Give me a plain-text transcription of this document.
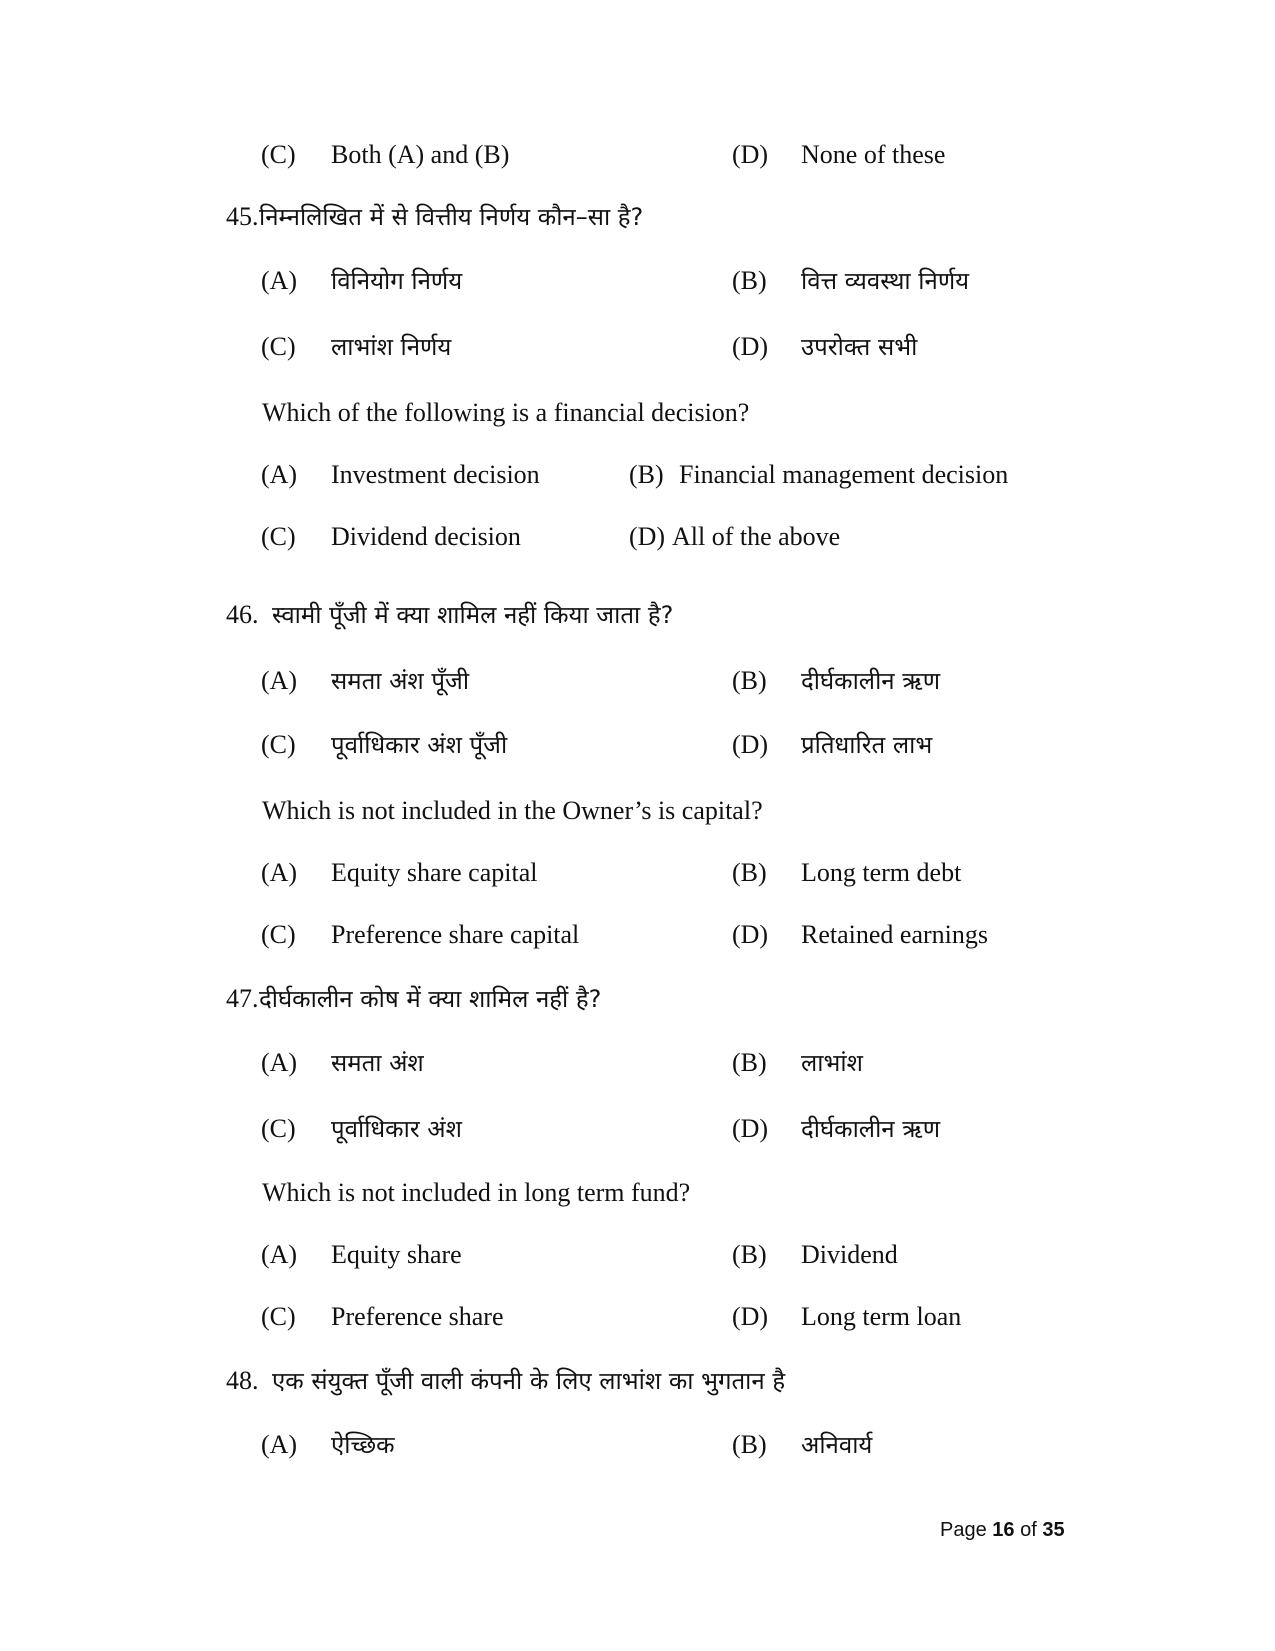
(C) Both (A) and (B)	(D) None of these
45. निम्नलिखित में से वित्तीय निर्णय कौन–सा है?
(A) विनियोग निर्णय	(B) वित्त व्यवस्था निर्णय
(C) लाभांश निर्णय	(D) उपरोक्त सभी
Which of the following is a financial decision?
(A) Investment decision	(B) Financial management decision
(C) Dividend decision	(D) All of the above
46. स्वामी पूँजी में क्या शामिल नहीं किया जाता है?
(A) समता अंश पूँजी	(B) दीर्घकालीन ऋण
(C) पूर्वाधिकार अंश पूँजी	(D) प्रतिधारित लाभ
Which is not included in the Owner’s is capital?
(A) Equity share capital	(B) Long term debt
(C) Preference share capital	(D) Retained earnings
47. दीर्घकालीन कोष में क्या शामिल नहीं है?
(A) समता अंश	(B) लाभांश
(C) पूर्वाधिकार अंश	(D) दीर्घकालीन ऋण
Which is not included in long term fund?
(A) Equity share	(B) Dividend
(C) Preference share	(D) Long term loan
48. एक संयुक्त पूँजी वाली कंपनी के लिए लाभांश का भुगतान है
(A) ऐच्छिक	(B) अनिवार्य
Page 16 of 35
